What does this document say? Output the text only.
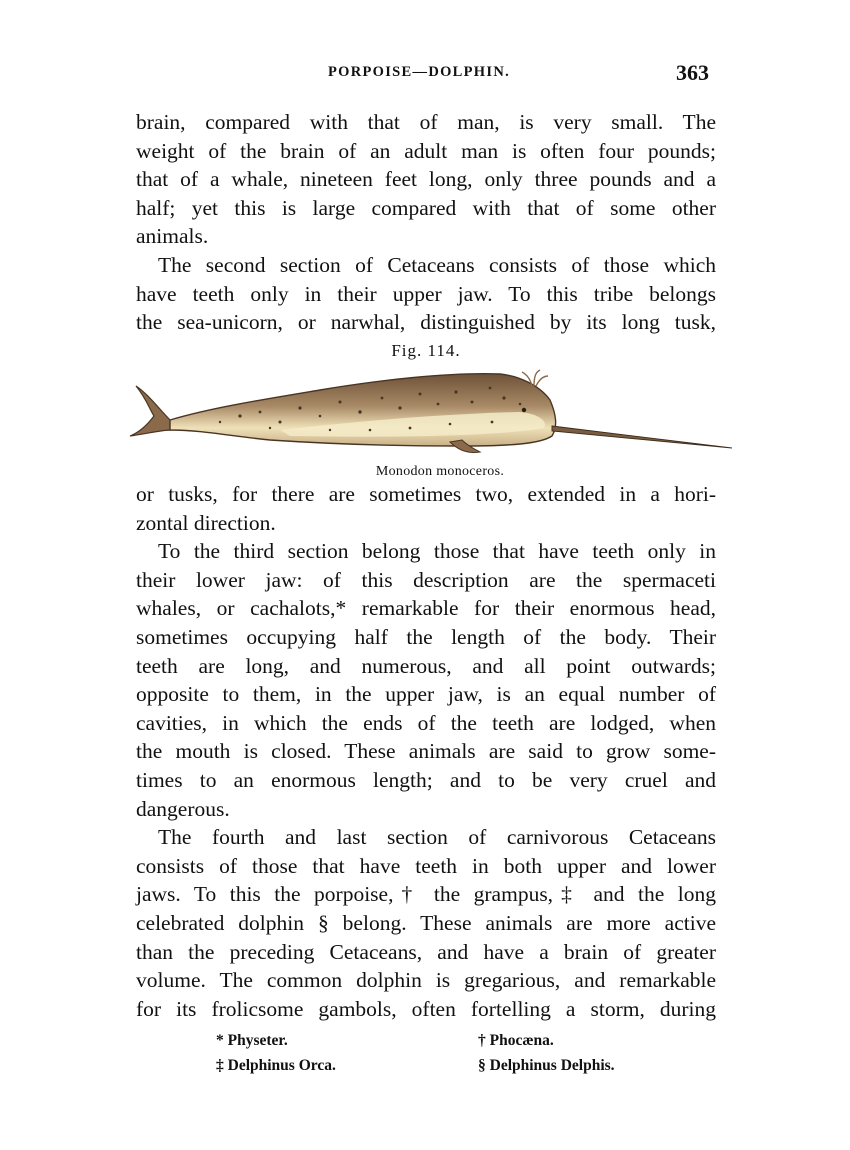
PORPOISE—DOLPHIN.	363
brain, compared with that of man, is very small. The
weight of the brain of an adult man is often four pounds;
that of a whale, nineteen feet long, only three pounds and a
half; yet this is large compared with that of some other
animals.
The second section of Cetaceans consists of those which
have teeth only in their upper jaw. To this tribe belongs
the sea-unicorn, or narwhal, distinguished by its long tusk,
Fig. 114.
Monodon monoceros.
or tusks, for there are sometimes two, extended in a hori-
zontal direction.
To the third section belong those that have teeth only in
their lower jaw: of this description are the spermaceti
whales, or cachalots,* remarkable for their enormous head,
sometimes occupying half the length of the body. Their
teeth are long, and numerous, and all point outwards;
opposite to them, in the upper jaw, is an equal number of
cavities, in which the ends of the teeth are lodged, when
the mouth is closed. These animals are said to grow some-
times to an enormous length; and to be very cruel and
dangerous.
The fourth and last section of carnivorous Cetaceans
consists of those that have teeth in both upper and lower
jaws. To this the porpoise,† the grampus,‡ and the long
celebrated dolphin § belong. These animals are more active
than the preceding Cetaceans, and have a brain of greater
volume. The common dolphin is gregarious, and remarkable
for its frolicsome gambols, often fortelling a storm, during
* Physeter.	† Phocæna.
‡ Delphinus Orca.	§ Delphinus Delphis.
